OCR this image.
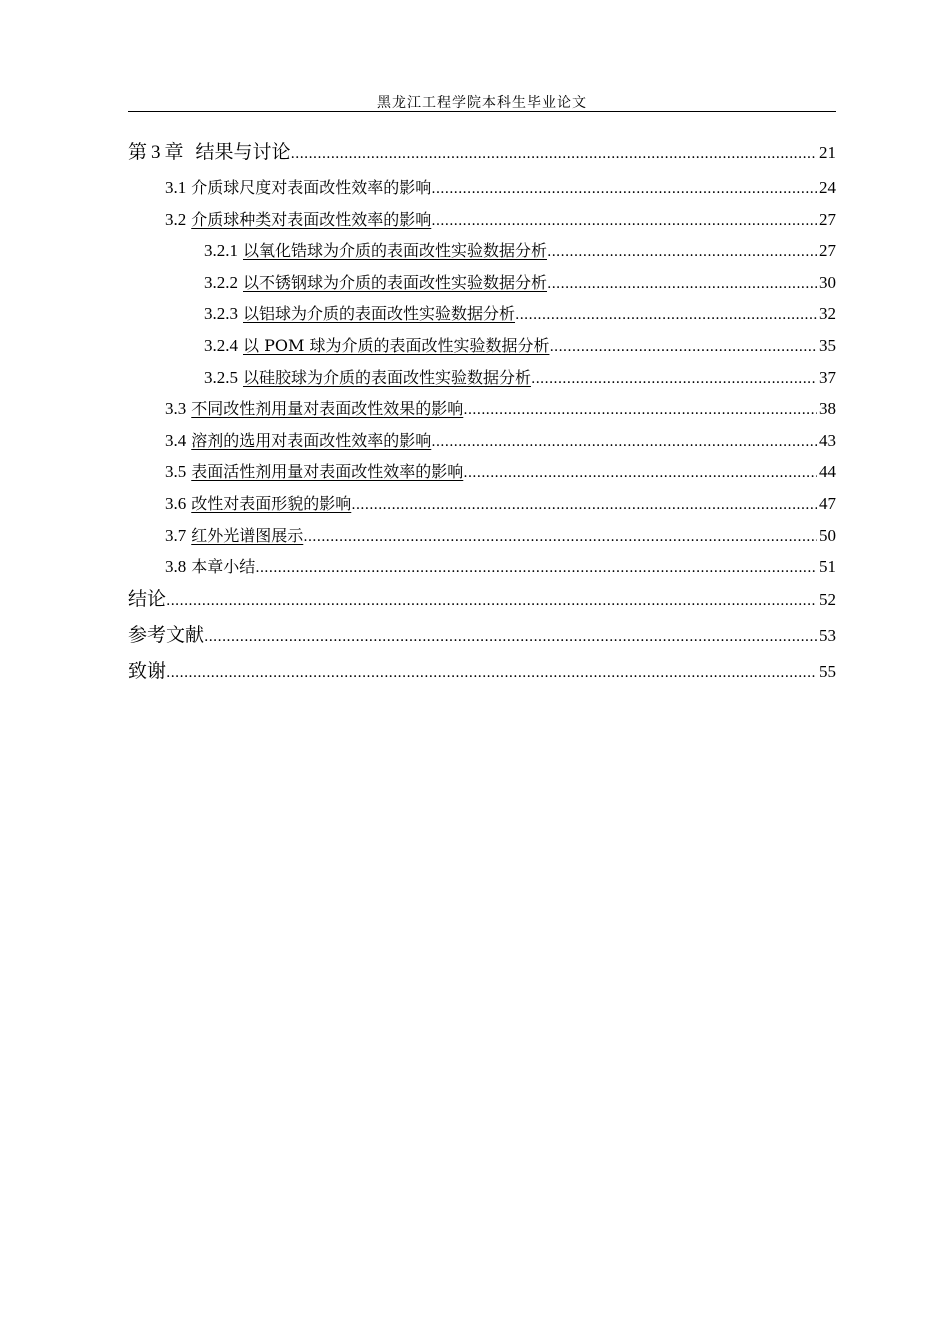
黑龙江工程学院本科生毕业论文
第 3 章 结果与讨论 .....	21
3.1 介质球尺度对表面改性效率的影响 .....	24
3.2 介质球种类对表面改性效率的影响 .....	27
3.2.1 以氧化锆球为介质的表面改性实验数据分析 .....	27
3.2.2 以不锈钢球为介质的表面改性实验数据分析 .....	30
3.2.3 以铝球为介质的表面改性实验数据分析 .....	32
3.2.4 以 POM 球为介质的表面改性实验数据分析 .....	35
3.2.5 以硅胶球为介质的表面改性实验数据分析 .....	37
3.3 不同改性剂用量对表面改性效果的影响 .....	38
3.4 溶剂的选用对表面改性效率的影响 .....	43
3.5 表面活性剂用量对表面改性效率的影响 .....	44
3.6 改性对表面形貌的影响 .....	47
3.7 红外光谱图展示 .....	50
3.8 本章小结 .....	51
结论 .....	52
参考文献 .....	53
致谢 .....	55
